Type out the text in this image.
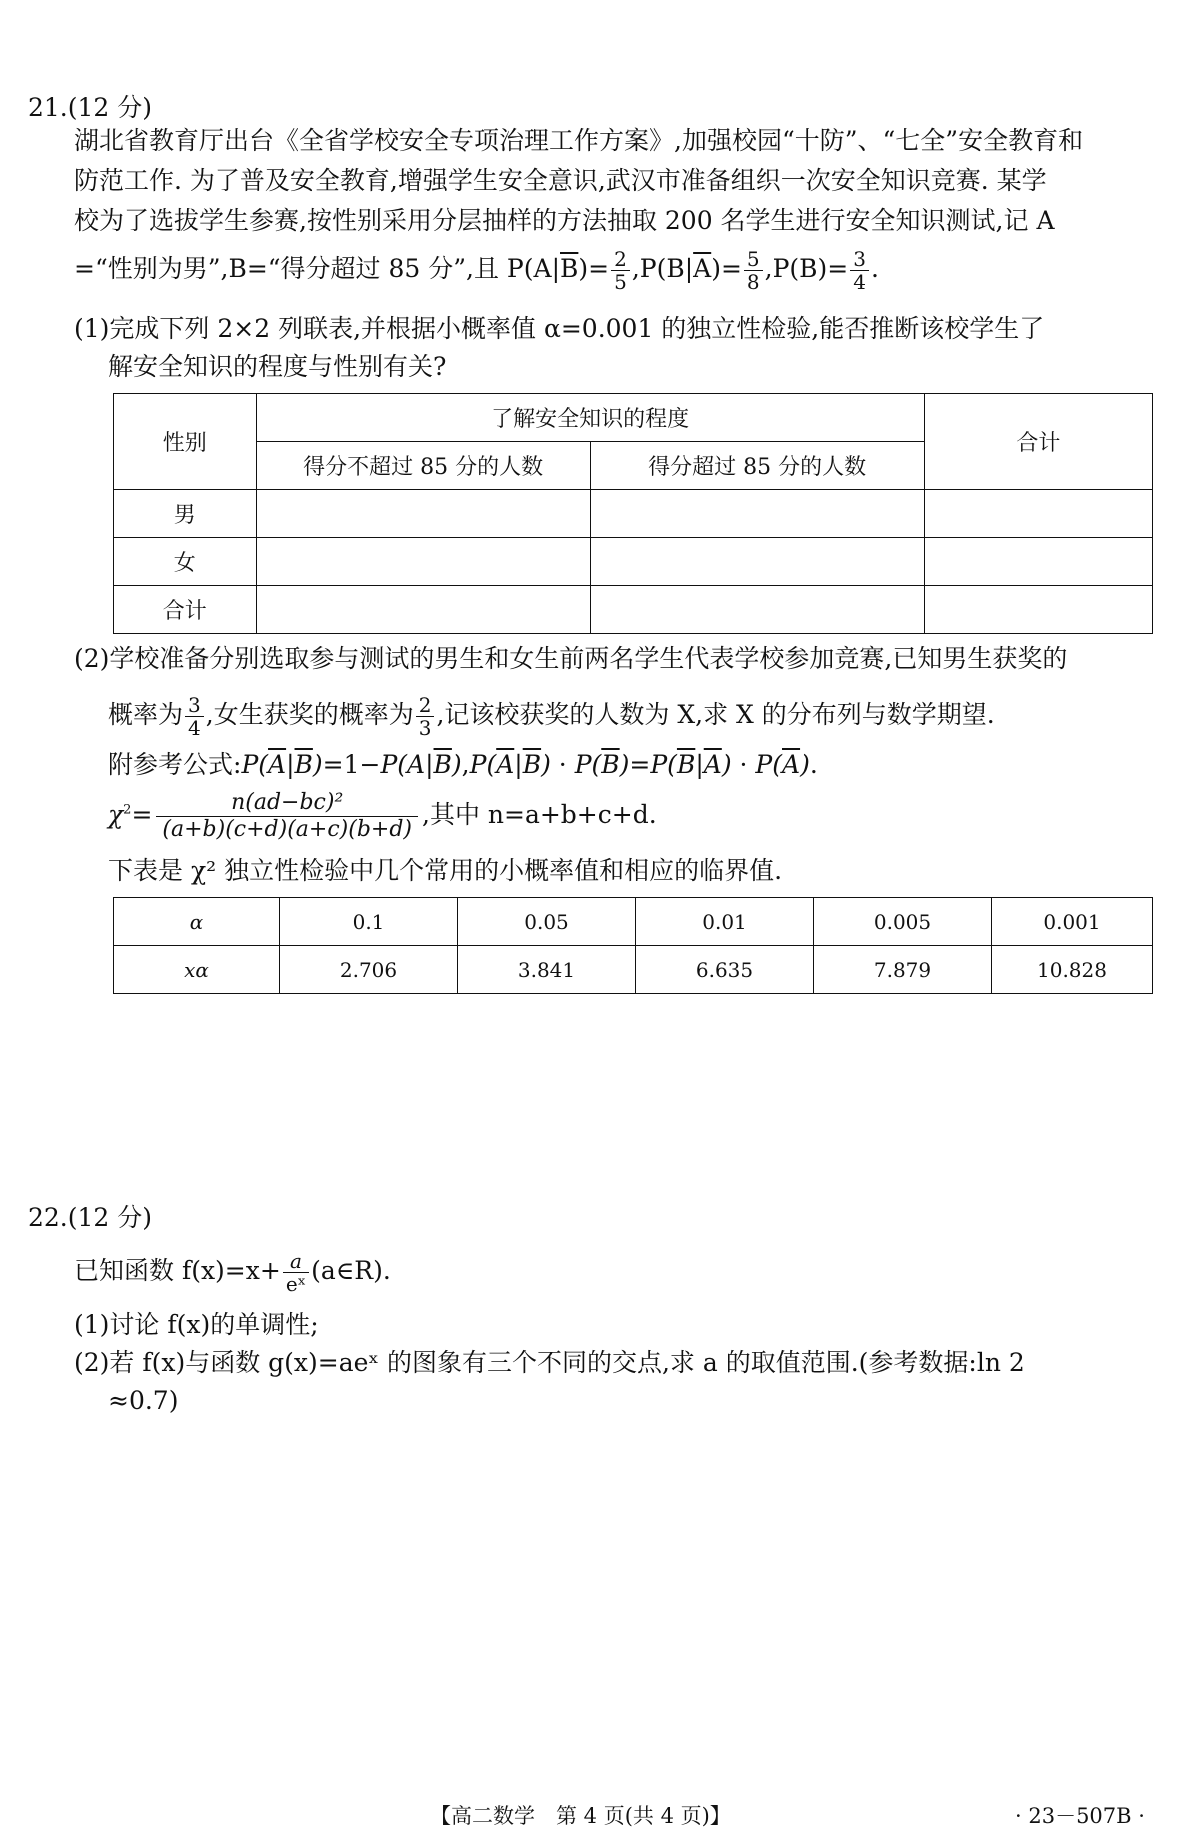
21.(12 分)
湖北省教育厅出台《全省学校安全专项治理工作方案》,加强校园“十防”、“七全”安全教育和
防范工作. 为了普及安全教育,增强学生安全意识,武汉市准备组织一次安全知识竞赛. 某学
校为了选拔学生参赛,按性别采用分层抽样的方法抽取 200 名学生进行安全知识测试,记 A
=“性别为男”,B=“得分超过 85 分”,且 $P(A|\overline{B})= \frac{2}{5} ,P(B|\overline{A})= \frac{5}{8} ,P(B)= \frac{3}{4}$ .
(1)完成下列 2×2 列联表,并根据小概率值 α=0.001 的独立性检验,能否推断该校学生了
解安全知识的程度与性别有关?
性别	了解安全知识的程度		合计
	得分不超过 85 分的人数	得分超过 85 分的人数	
男			
女			
合计			
(2)学校准备分别选取参与测试的男生和女生前两名学生代表学校参加竞赛,已知男生获奖的
概率为 $\frac{3}{4}$ ,女生获奖的概率为 $\frac{2}{3}$ ,记该校获奖的人数为 X,求 X 的分布列与数学期望.
附参考公式$:P(\overline{A}|\overline{B})=1-P(A|\overline{B}),P(\overline{A}|\overline{B}) \cdot P(\overline{B})=P(\overline{B}|\overline{A}) \cdot P(\overline{A})$.
$\chi^2= \frac{\text{n(ad−bc)²}}{(a+b)(c+d)(a+c)(b+d)}$ ,其中 n=a+b+c+d.
下表是 χ² 独立性检验中几个常用的小概率值和相应的临界值.
α	0.1	0.05	0.01	0.005	0.001
xα	2.706	3.841	6.635	7.879	10.828
22.(12 分)
已知函数 $f(x)=x+ \frac{a}{\text{eˣ}}$ (a∈R).
(1)讨论 f(x)的单调性;
(2)若 f(x)与函数 g(x)=aeˣ 的图象有三个不同的交点,求 a 的取值范围.(参考数据:ln 2
≈0.7)
【高二数学　第 4 页(共 4 页)】	· 23－507B ·
